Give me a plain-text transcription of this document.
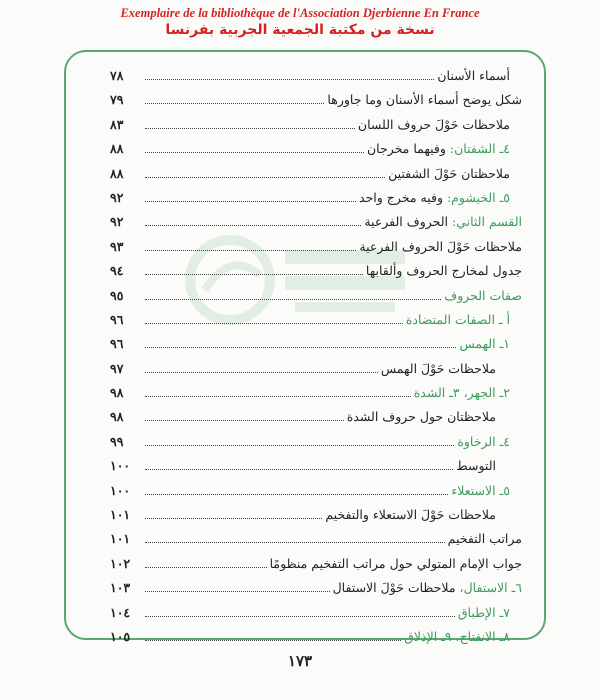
Exemplaire de la bibliothèque de l'Association Djerbienne En France
نسخة من مكتبة الجمعية الجربية بفرنسا
أسماء الأسنان
٧٨
شكل يوضح أسماء الأسنان وما جاورها
٧٩
ملاحظات حَوْلَ حروف اللسان
٨٣
٤ـ الشفتان: وفيهما مخرجان
٨٨
ملاحظتان حَوْلَ الشفتين
٨٨
٥ـ الخيشوم: وفيه مخرج واحد
٩٢
القسم الثاني: الحروف الفرعية
٩٢
ملاحظات حَوْلَ الحروف الفرعية
٩٣
جدول لمخارج الحروف وألقابها
٩٤
صفات الحروف
٩٥
أ ـ الصفات المتضادة
٩٦
١ـ الهمس
٩٦
ملاحظات حَوْلَ الهمس
٩٧
٢ـ الجهر، ٣ـ الشدة
٩٨
ملاحظتان حول حروف الشدة
٩٨
٤ـ الرخاوة
٩٩
التوسط
١٠٠
٥ـ الاستعلاء
١٠٠
ملاحظات حَوْلَ الاستعلاء والتفخيم
١٠١
مراتب التفخيم
١٠١
جواب الإمام المتولي حول مراتب التفخيم منظومًا
١٠٢
٦ـ الاستفال، ملاحظات حَوْلَ الاستفال
١٠٣
٧ـ الإطباق
١٠٤
٨ـ الانفتاح، ٩ـ الإذلاق
١٠٥
١٧٣
